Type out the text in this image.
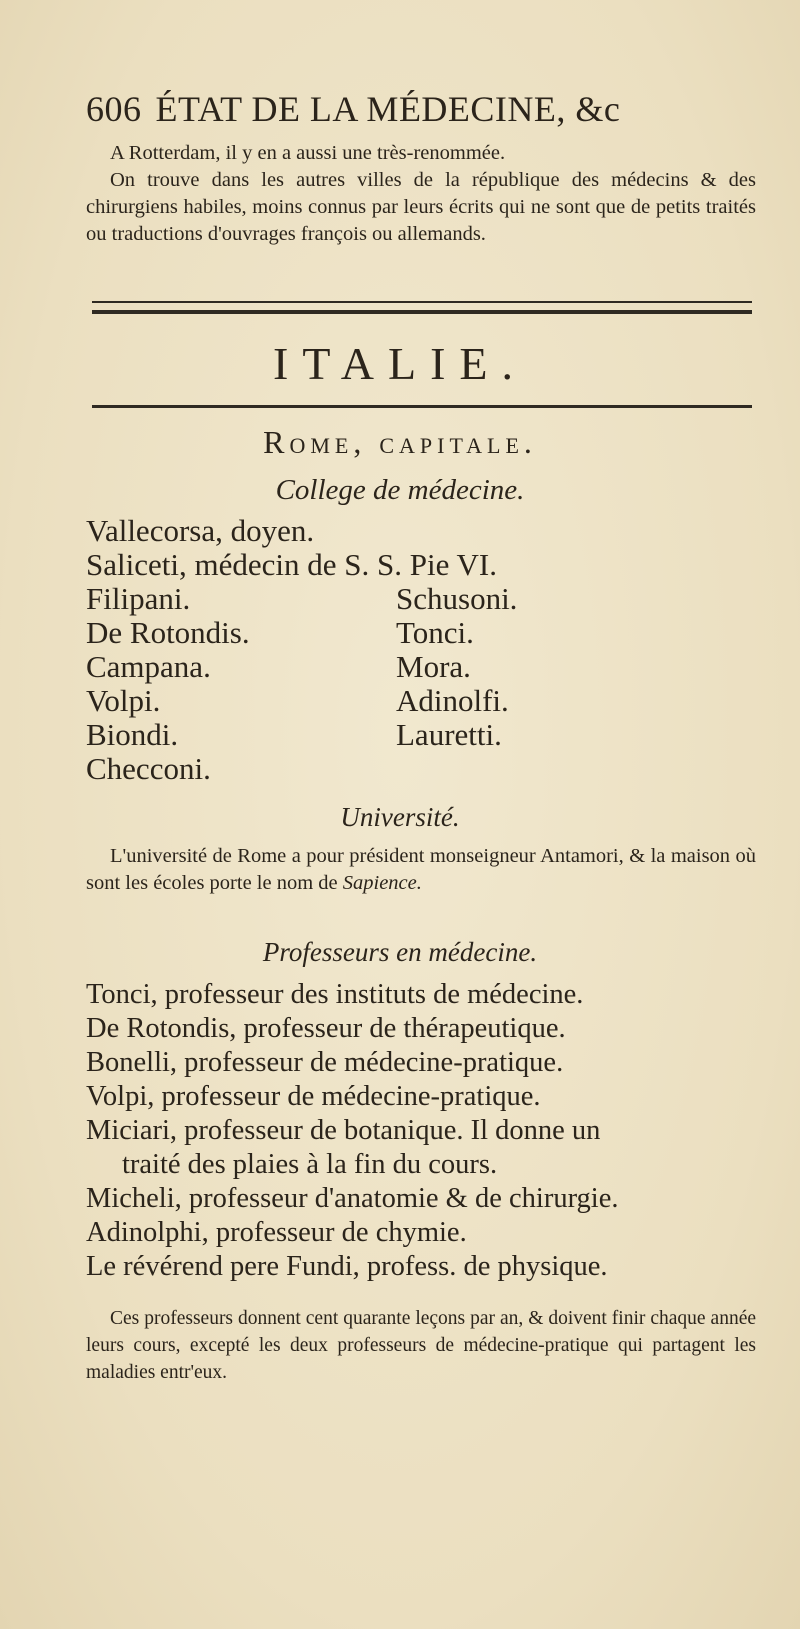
606 ÉTAT DE LA MÉDECINE, &c

A Rotterdam, il y en a aussi une très-renommée.

On trouve dans les autres villes de la république des médecins & des chirurgiens habiles, moins connus par leurs écrits qui ne sont que de petits traités ou traductions d'ouvrages françois ou allemands.

ITALIE.
Rome, capitale.
College de médecine.
Vallecorsa, doyen.
Saliceti, médecin de S. S. Pie VI.
Filipani.	Schusoni.
De Rotondis.	Tonci.
Campana.	Mora.
Volpi.	Adinolfi.
Biondi.	Lauretti.
Checconi.
Université.
L'université de Rome a pour président monseigneur Antamori, & la maison où sont les écoles porte le nom de Sapience.
Professeurs en médecine.
Tonci, professeur des instituts de médecine.
De Rotondis, professeur de thérapeutique.
Bonelli, professeur de médecine-pratique.
Volpi, professeur de médecine-pratique.
Miciari, professeur de botanique. Il donne un
traité des plaies à la fin du cours.
Micheli, professeur d'anatomie & de chirurgie.
Adinolphi, professeur de chymie.
Le révérend pere Fundi, profess. de physique.
Ces professeurs donnent cent quarante leçons par an, & doivent finir chaque année leurs cours, excepté les deux professeurs de médecine-pratique qui partagent les maladies entr'eux.
